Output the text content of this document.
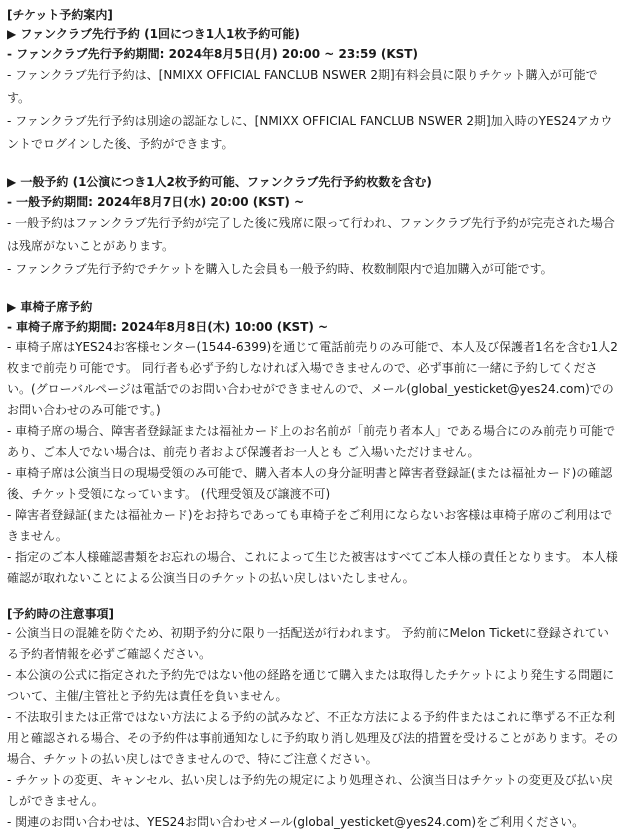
[チケット予約案内]

▶ ファンクラブ先行予約 (1回につき1人1枚予約可能)

- ファンクラブ先行予約期間: 2024年8月5日(月) 20:00 ~ 23:59 (KST)

- ファンクラブ先行予約は、[NMIXX OFFICIAL FANCLUB NSWER 2期]有料会員に限りチケット購入が可能です。

- ファンクラブ先行予約は別途の認証なしに、[NMIXX OFFICIAL FANCLUB NSWER 2期]加入時のYES24アカウントでログインした後、予約ができます。

▶ 一般予約 (1公演につき1人2枚予約可能、ファンクラブ先行予約枚数を含む)

- 一般予約期間: 2024年8月7日(水) 20:00 (KST) ~

- 一般予約はファンクラブ先行予約が完了した後に残席に限って行われ、ファンクラブ先行予約が完売された場合は残席がないことがあります。

- ファンクラブ先行予約でチケットを購入した会員も一般予約時、枚数制限内で追加購入が可能です。

▶ 車椅子席予約

- 車椅子席予約期間: 2024年8月8日(木) 10:00 (KST) ~

- 車椅子席はYES24お客様センター(1544-6399)を通じて電話前売りのみ可能で、本人及び保護者1名を含む1人2枚まで前売り可能です。 同行者も必ず予約しなければ入場できませんので、必ず事前に一緒に予約してください。(グローバルページは電話でのお問い合わせができませんので、メール(global_yesticket@yes24.com)でのお問い合わせのみ可能です。)

- 車椅子席の場合、障害者登録証または福祉カード上のお名前が「前売り者本人」である場合にのみ前売り可能であり、ご本人でない場合は、前売り者および保護者お一人とも ご入場いただけません。

- 車椅子席は公演当日の現場受領のみ可能で、購入者本人の身分証明書と障害者登録証(または福祉カード)の確認後、チケット受領になっています。 (代理受領及び譲渡不可)

- 障害者登録証(または福祉カード)をお持ちであっても車椅子をご利用にならないお客様は車椅子席のご利用はできません。

- 指定のご本人様確認書類をお忘れの場合、これによって生じた被害はすべてご本人様の責任となります。 本人様確認が取れないことによる公演当日のチケットの払い戻しはいたしません。

[予約時の注意事項]

- 公演当日の混雑を防ぐため、初期予約分に限り一括配送が行われます。 予約前にMelon Ticketに登録されている予約者情報を必ずご確認ください。

- 本公演の公式に指定された予約先ではない他の経路を通じて購入または取得したチケットにより発生する問題について、主催/主管社と予約先は責任を負いません。

- 不法取引または正常ではない方法による予約の試みなど、不正な方法による予約件またはこれに準ずる不正な利用と確認される場合、その予約件は事前通知なしに予約取り消し処理及び法的措置を受けることがあります。その場合、チケットの払い戻しはできませんので、特にご注意ください。

- チケットの変更、キャンセル、払い戻しは予約先の規定により処理され、公演当日はチケットの変更及び払い戻しができません。

- 関連のお問い合わせは、YES24お問い合わせメール(global_yesticket@yes24.com)をご利用ください。
